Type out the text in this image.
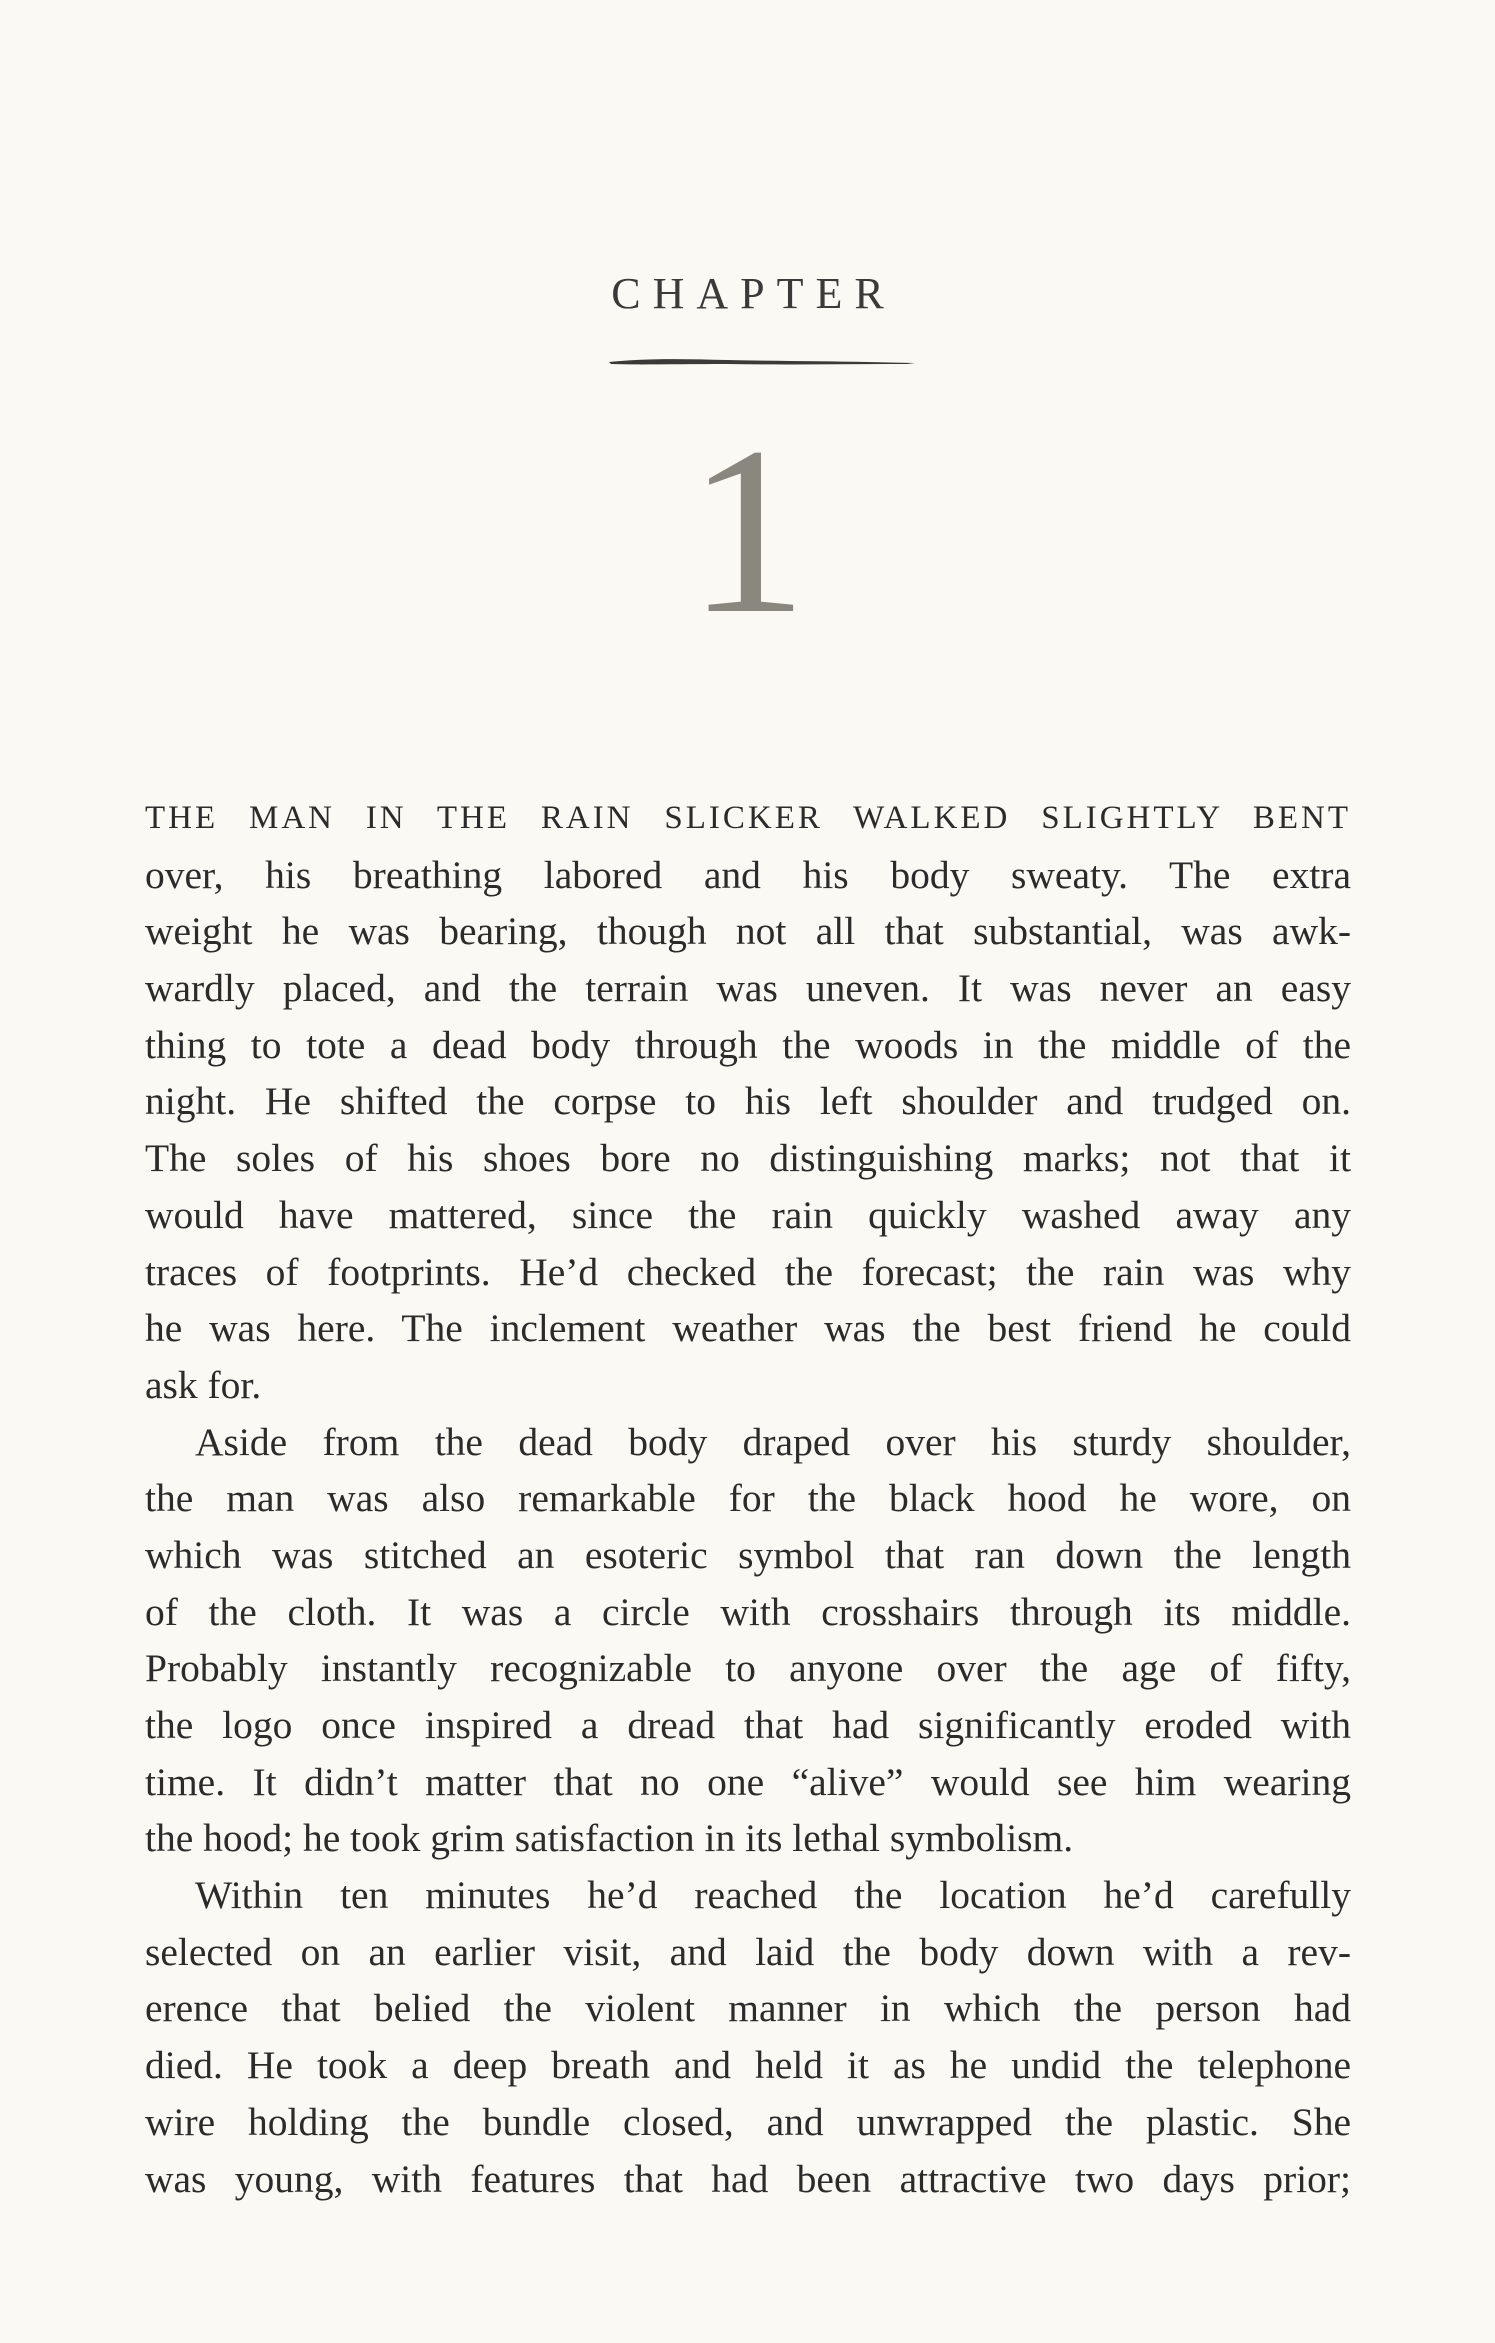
CHAPTER
1
THE MAN IN THE RAIN SLICKER WALKED SLIGHTLY BENT
over, his breathing labored and his body sweaty. The extra
weight he was bearing, though not all that substantial, was awk-
wardly placed, and the terrain was uneven. It was never an easy
thing to tote a dead body through the woods in the middle of the
night. He shifted the corpse to his left shoulder and trudged on.
The soles of his shoes bore no distinguishing marks; not that it
would have mattered, since the rain quickly washed away any
traces of footprints. He’d checked the forecast; the rain was why
he was here. The inclement weather was the best friend he could
ask for.
Aside from the dead body draped over his sturdy shoulder,
the man was also remarkable for the black hood he wore, on
which was stitched an esoteric symbol that ran down the length
of the cloth. It was a circle with crosshairs through its middle.
Probably instantly recognizable to anyone over the age of fifty,
the logo once inspired a dread that had significantly eroded with
time. It didn’t matter that no one “alive” would see him wearing
the hood; he took grim satisfaction in its lethal symbolism.
Within ten minutes he’d reached the location he’d carefully
selected on an earlier visit, and laid the body down with a rev-
erence that belied the violent manner in which the person had
died. He took a deep breath and held it as he undid the telephone
wire holding the bundle closed, and unwrapped the plastic. She
was young, with features that had been attractive two days prior;
